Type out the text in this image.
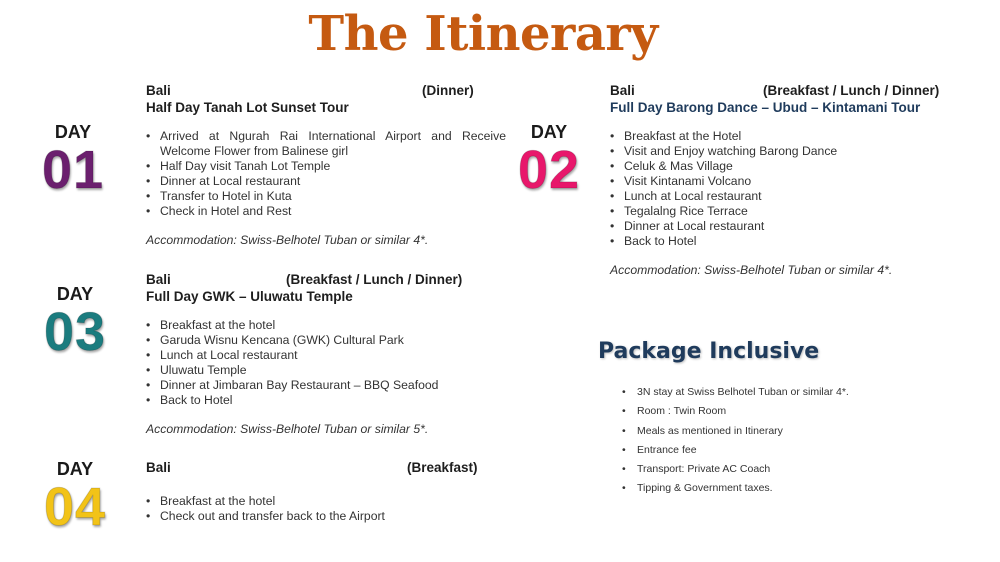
The Itinerary
DAY
01
Bali	(Dinner)
Half Day Tanah Lot Sunset Tour
• Arrived at Ngurah Rai International Airport and Receive Welcome Flower from Balinese girl
• Half Day visit Tanah Lot Temple
• Dinner at Local restaurant
• Transfer to Hotel in Kuta
• Check in Hotel and Rest
Accommodation: Swiss-Belhotel Tuban or similar 4*.
DAY
02
Bali	(Breakfast / Lunch / Dinner)
Full Day Barong Dance – Ubud – Kintamani Tour
• Breakfast at the Hotel
• Visit and Enjoy watching Barong Dance
• Celuk & Mas Village
• Visit Kintanami Volcano
• Lunch at Local restaurant
• Tegalalng Rice Terrace
• Dinner at Local restaurant
• Back to Hotel
Accommodation: Swiss-Belhotel Tuban or similar 4*.
DAY
03
Bali	(Breakfast / Lunch / Dinner)
Full Day GWK – Uluwatu Temple
• Breakfast at the hotel
• Garuda Wisnu Kencana (GWK) Cultural Park
• Lunch at Local restaurant
• Uluwatu Temple
• Dinner at Jimbaran Bay Restaurant – BBQ Seafood
• Back to Hotel
Accommodation: Swiss-Belhotel Tuban or similar 5*.
DAY
04
Bali	(Breakfast)
• Breakfast at the hotel
• Check out and transfer back to the Airport
Package Inclusive
• 3N stay at Swiss Belhotel Tuban or similar 4*.
• Room : Twin Room
• Meals as mentioned in Itinerary
• Entrance fee
• Transport: Private AC Coach
• Tipping & Government taxes.
